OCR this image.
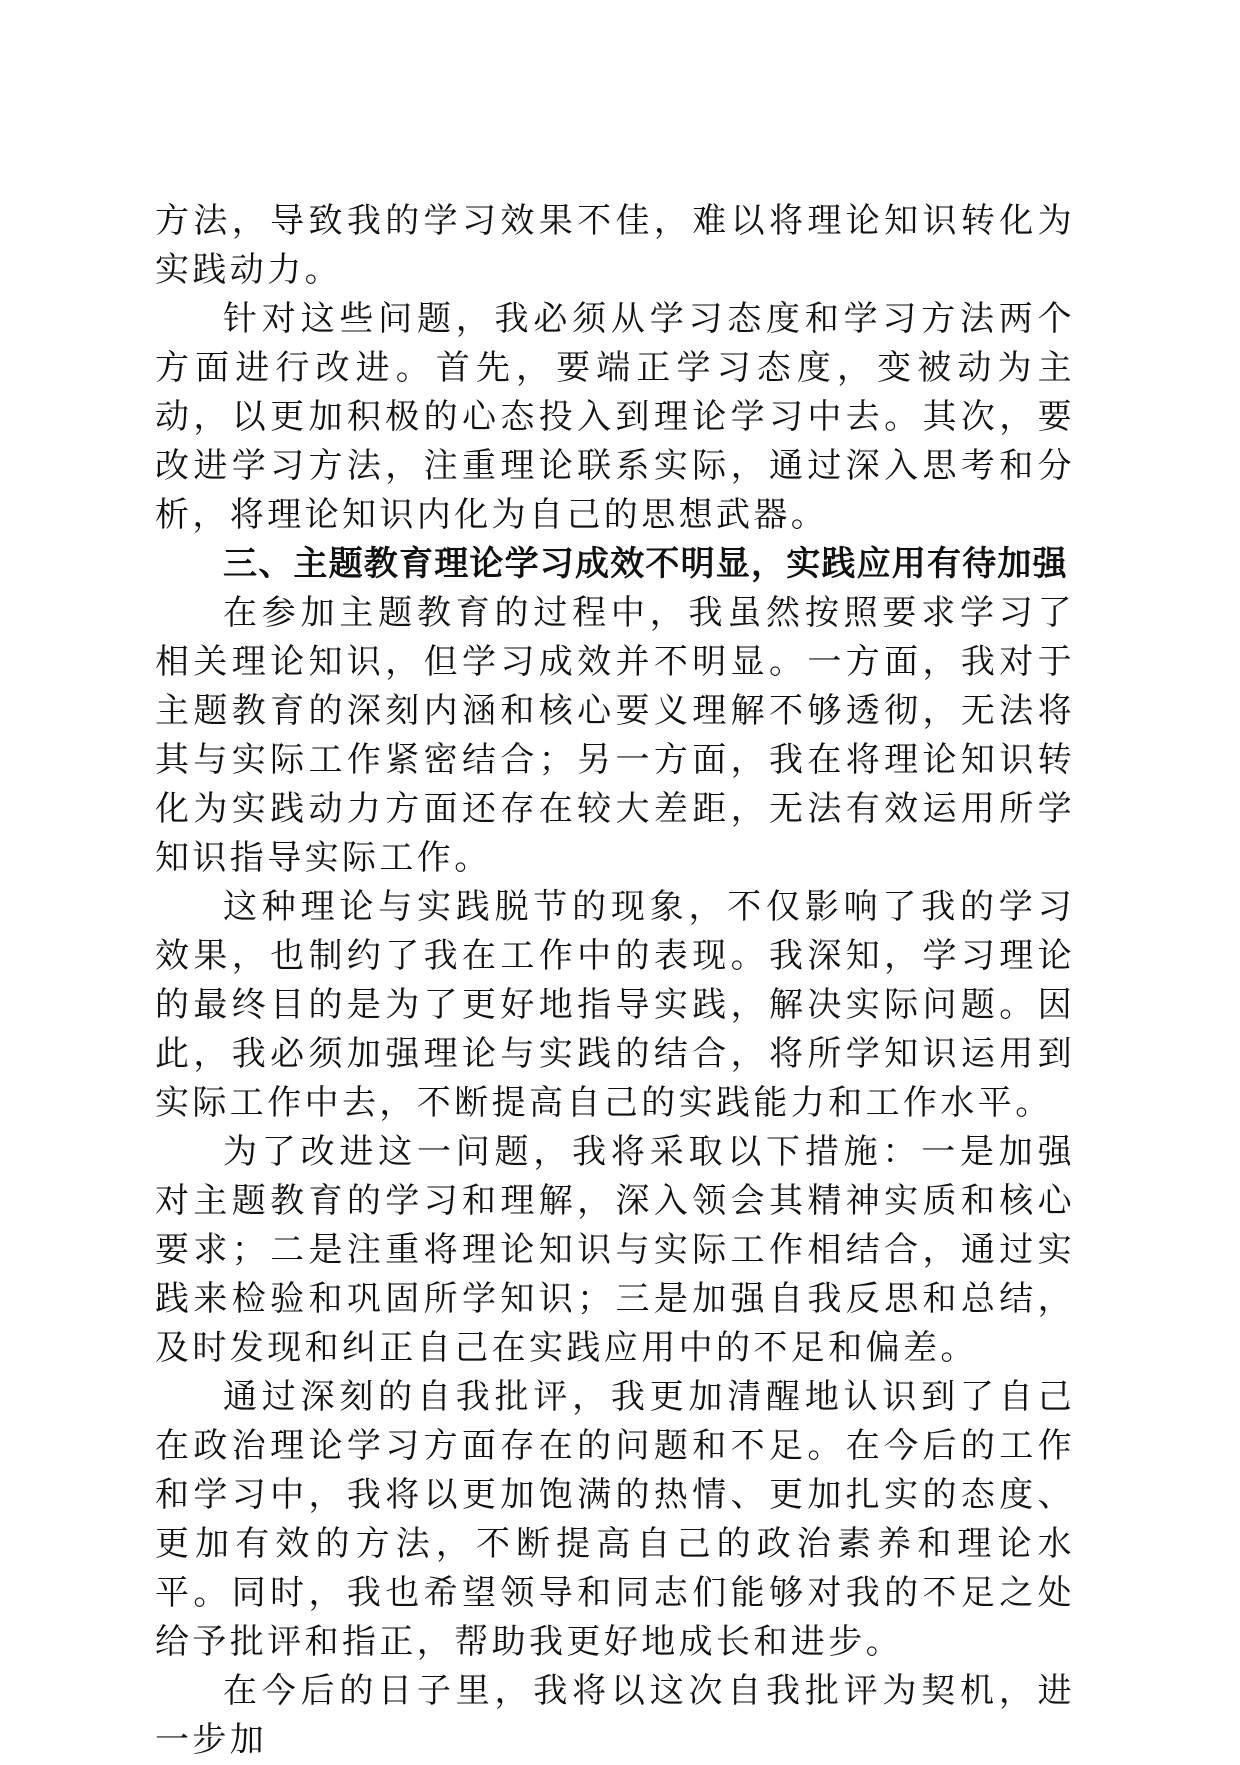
方法，导致我的学习效果不佳，难以将理论知识转化为实践动力。

针对这些问题，我必须从学习态度和学习方法两个方面进行改进。首先，要端正学习态度，变被动为主动，以更加积极的心态投入到理论学习中去。其次，要改进学习方法，注重理论联系实际，通过深入思考和分析，将理论知识内化为自己的思想武器。

三、主题教育理论学习成效不明显，实践应用有待加强

在参加主题教育的过程中，我虽然按照要求学习了相关理论知识，但学习成效并不明显。一方面，我对于主题教育的深刻内涵和核心要义理解不够透彻，无法将其与实际工作紧密结合；另一方面，我在将理论知识转化为实践动力方面还存在较大差距，无法有效运用所学知识指导实际工作。

这种理论与实践脱节的现象，不仅影响了我的学习效果，也制约了我在工作中的表现。我深知，学习理论的最终目的是为了更好地指导实践，解决实际问题。因此，我必须加强理论与实践的结合，将所学知识运用到实际工作中去，不断提高自己的实践能力和工作水平。

为了改进这一问题，我将采取以下措施：一是加强对主题教育的学习和理解，深入领会其精神实质和核心要求；二是注重将理论知识与实际工作相结合，通过实践来检验和巩固所学知识；三是加强自我反思和总结，及时发现和纠正自己在实践应用中的不足和偏差。

通过深刻的自我批评，我更加清醒地认识到了自己在政治理论学习方面存在的问题和不足。在今后的工作和学习中，我将以更加饱满的热情、更加扎实的态度、更加有效的方法，不断提高自己的政治素养和理论水平。同时，我也希望领导和同志们能够对我的不足之处给予批评和指正，帮助我更好地成长和进步。

在今后的日子里，我将以这次自我批评为契机，进一步加
